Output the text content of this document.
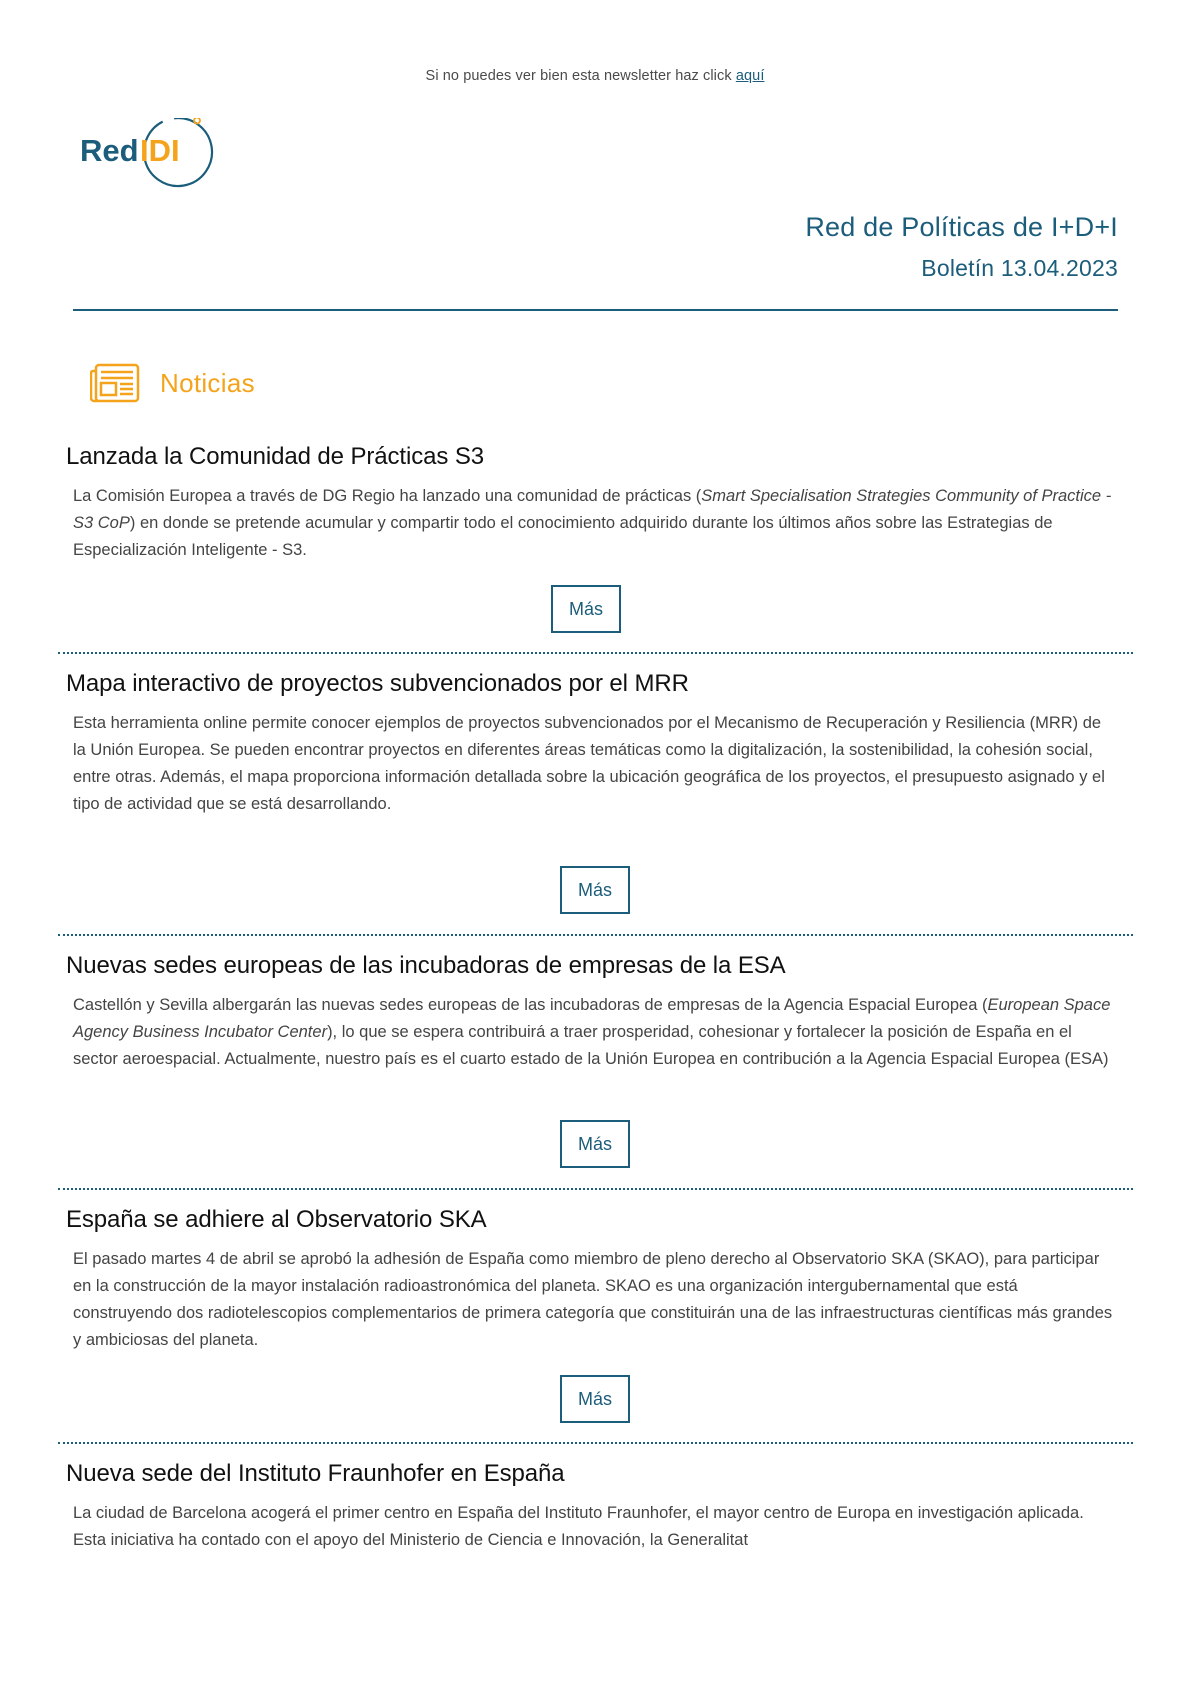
Si no puedes ver bien esta newsletter haz click aquí
Red IDI
Red de Políticas de I+D+I
Boletín 13.04.2023
Noticias
Lanzada la Comunidad de Prácticas S3

La Comisión Europea a través de DG Regio ha lanzado una comunidad de prácticas (Smart Specialisation Strategies Community of Practice - S3 CoP) en donde se pretende acumular y compartir todo el conocimiento adquirido durante los últimos años sobre las Estrategias de Especialización Inteligente - S3.

Más
Mapa interactivo de proyectos subvencionados por el MRR

Esta herramienta online permite conocer ejemplos de proyectos subvencionados por el Mecanismo de Recuperación y Resiliencia (MRR) de la Unión Europea. Se pueden encontrar proyectos en diferentes áreas temáticas como la digitalización, la sostenibilidad, la cohesión social, entre otras. Además, el mapa proporciona información detallada sobre la ubicación geográfica de los proyectos, el presupuesto asignado y el tipo de actividad que se está desarrollando.

Más
Nuevas sedes europeas de las incubadoras de empresas de la ESA

Castellón y Sevilla albergarán las nuevas sedes europeas de las incubadoras de empresas de la Agencia Espacial Europea (European Space Agency Business Incubator Center), lo que se espera contribuirá a traer prosperidad, cohesionar y fortalecer la posición de España en el sector aeroespacial. Actualmente, nuestro país es el cuarto estado de la Unión Europea en contribución a la Agencia Espacial Europea (ESA)

Más
España se adhiere al Observatorio SKA

El pasado martes 4 de abril se aprobó la adhesión de España como miembro de pleno derecho al Observatorio SKA (SKAO), para participar en la construcción de la mayor instalación radioastronómica del planeta. SKAO es una organización intergubernamental que está construyendo dos radiotelescopios complementarios de primera categoría que constituirán una de las infraestructuras científicas más grandes y ambiciosas del planeta.

Más
Nueva sede del Instituto Fraunhofer en España

La ciudad de Barcelona acogerá el primer centro en España del Instituto Fraunhofer, el mayor centro de Europa en investigación aplicada. Esta iniciativa ha contado con el apoyo del Ministerio de Ciencia e Innovación, la Generalitat
